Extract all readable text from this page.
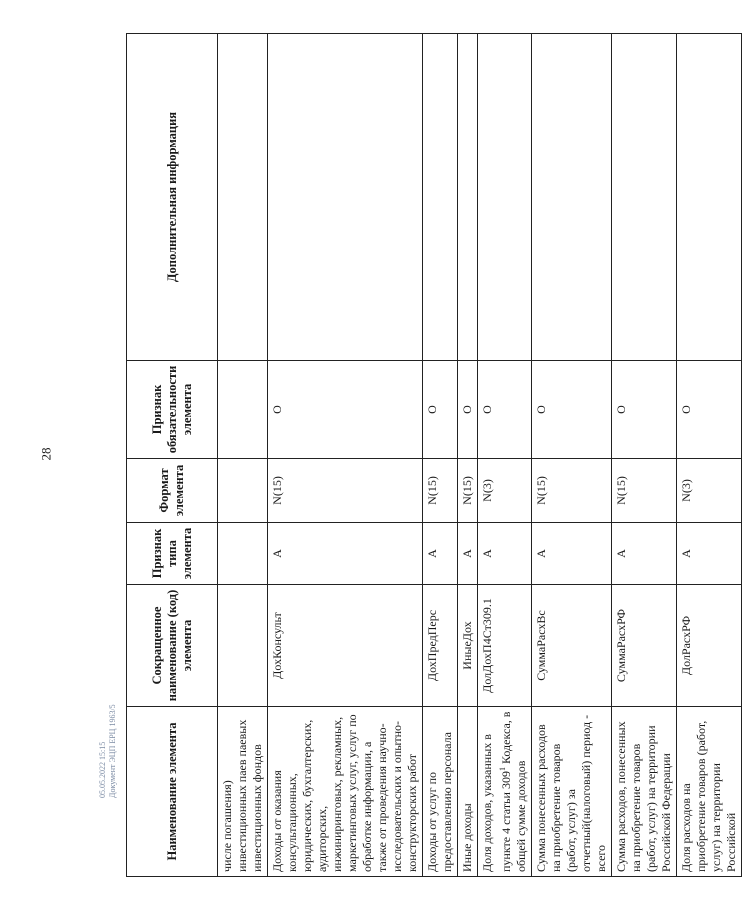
28
Наименование элемента	Сокращенное наименование (код) элемента	Признак типа элемента	Формат элемента	Признак обязательности элемента	Дополнительная информация
числе погашения) инвестиционных паев паевых инвестиционных фондов					
Доходы от оказания консультационных, юридических, бухгалтерских, аудиторских, инжиниринговых, рекламных, маркетинговых услуг, услуг по обработке информации, а также от проведения научно-исследовательских и опытно-конструкторских работ	ДохКонсульт	А	N(15)	О	
Доходы от услуг по предоставлению персонала	ДохПредПерс	А	N(15)	О	
Иные доходы	ИныеДох	А	N(15)	О	
Доля доходов, указанных в пункте 4 статьи $309^1$ Кодекса, в общей сумме доходов	ДолДохП4Ст309.1	А	N(3)	О	
Сумма понесенных расходов на приобретение товаров (работ, услуг) за отчетный(налоговый) период - всего	СуммаРасхВс	А	N(15)	О	
Сумма расходов, понесенных на приобретение товаров (работ, услуг) на территории Российской Федерации	СуммаРасхРФ	А	N(15)	О	
Доля расходов на приобретение товаров (работ, услуг) на территории Российской	ДолРасхРФ	А	N(3)	О	
05.05.2022 15:15 Документ ЭЦП ЕРЦ 1963/5
